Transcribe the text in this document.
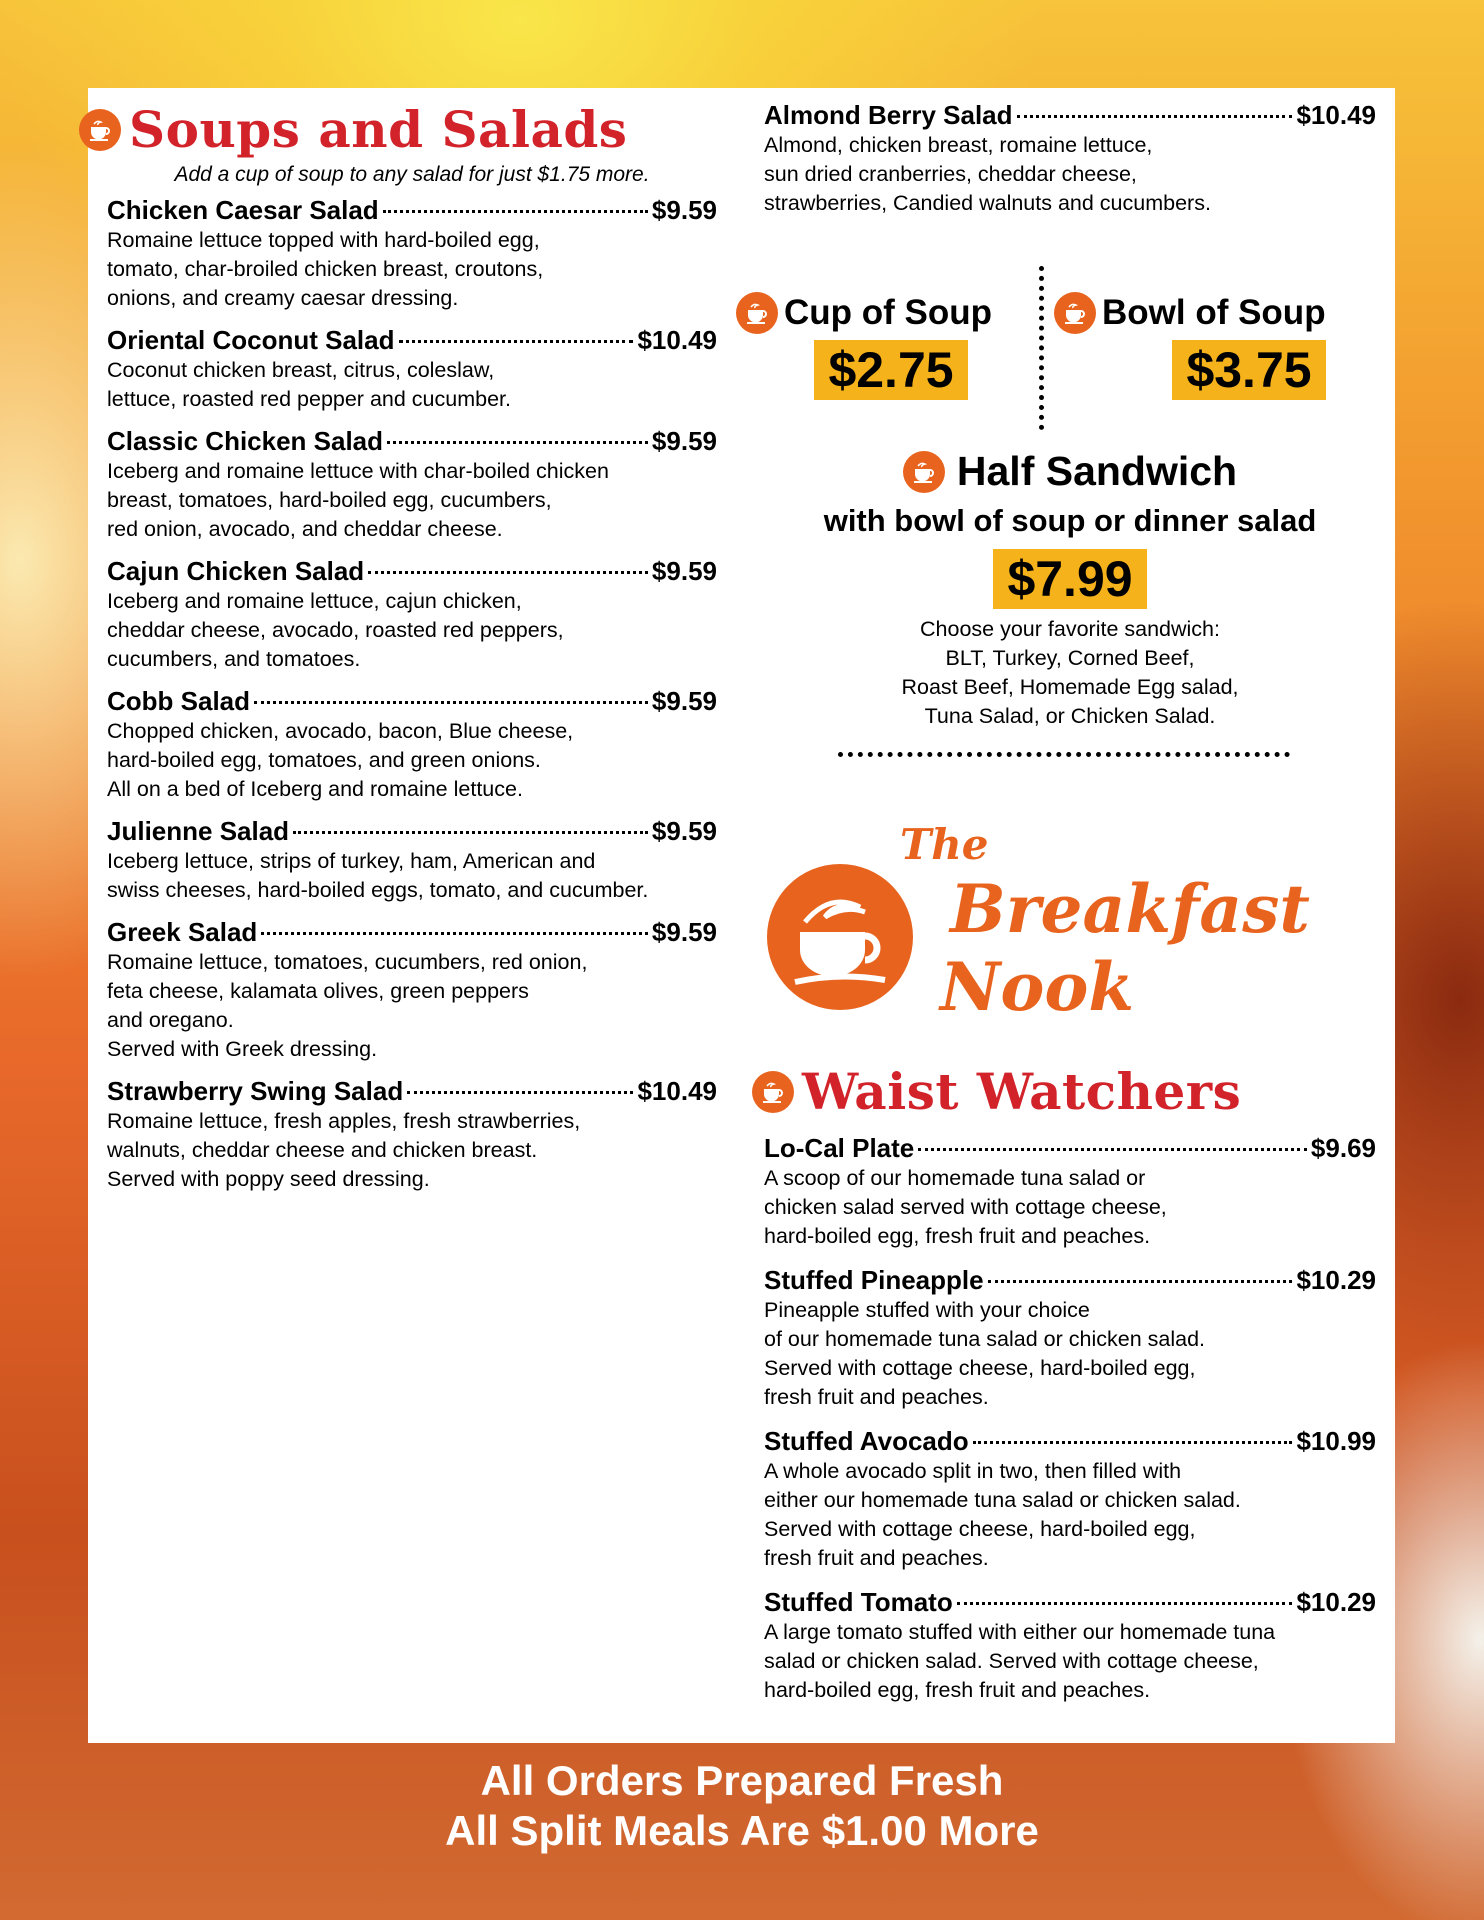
Soups and Salads
Add a cup of soup to any salad for just $1.75 more.
Chicken Caesar Salad	$9.59
Romaine lettuce topped with hard-boiled egg,
tomato, char-broiled chicken breast, croutons,
onions, and creamy caesar dressing.
Oriental Coconut Salad	$10.49
Coconut chicken breast, citrus, coleslaw,
lettuce, roasted red pepper and cucumber.
Classic Chicken Salad	$9.59
Iceberg and romaine lettuce with char-boiled chicken
breast, tomatoes, hard-boiled egg, cucumbers,
red onion, avocado, and cheddar cheese.
Cajun Chicken Salad	$9.59
Iceberg and romaine lettuce, cajun chicken,
cheddar cheese, avocado, roasted red peppers,
cucumbers, and tomatoes.
Cobb Salad	$9.59
Chopped chicken, avocado, bacon, Blue cheese,
hard-boiled egg, tomatoes, and green onions.
All on a bed of Iceberg and romaine lettuce.
Julienne Salad	$9.59
Iceberg lettuce, strips of turkey, ham, American and
swiss cheeses, hard-boiled eggs, tomato, and cucumber.
Greek Salad	$9.59
Romaine lettuce, tomatoes, cucumbers, red onion,
feta cheese, kalamata olives, green peppers
and oregano.
Served with Greek dressing.
Strawberry Swing Salad	$10.49
Romaine lettuce, fresh apples, fresh strawberries,
walnuts, cheddar cheese and chicken breast.
Served with poppy seed dressing.
Almond Berry Salad	$10.49
Almond, chicken breast, romaine lettuce,
sun dried cranberries, cheddar cheese,
strawberries, Candied walnuts and cucumbers.
Cup of Soup
$2.75
Bowl of Soup
$3.75
Half Sandwich
with bowl of soup or dinner salad
$7.99
Choose your favorite sandwich:
BLT, Turkey, Corned Beef,
Roast Beef, Homemade Egg salad,
Tuna Salad, or Chicken Salad.
The
Breakfast
Nook
Waist Watchers
Lo-Cal Plate	$9.69
A scoop of our homemade tuna salad or
chicken salad served with cottage cheese,
hard-boiled egg, fresh fruit and peaches.
Stuffed Pineapple	$10.29
Pineapple stuffed with your choice
of our homemade tuna salad or chicken salad.
Served with cottage cheese, hard-boiled egg,
fresh fruit and peaches.
Stuffed Avocado	$10.99
A whole avocado split in two, then filled with
either our homemade tuna salad or chicken salad.
Served with cottage cheese, hard-boiled egg,
fresh fruit and peaches.
Stuffed Tomato	$10.29
A large tomato stuffed with either our homemade tuna
salad or chicken salad. Served with cottage cheese,
hard-boiled egg, fresh fruit and peaches.
All Orders Prepared Fresh
All Split Meals Are $1.00 More
